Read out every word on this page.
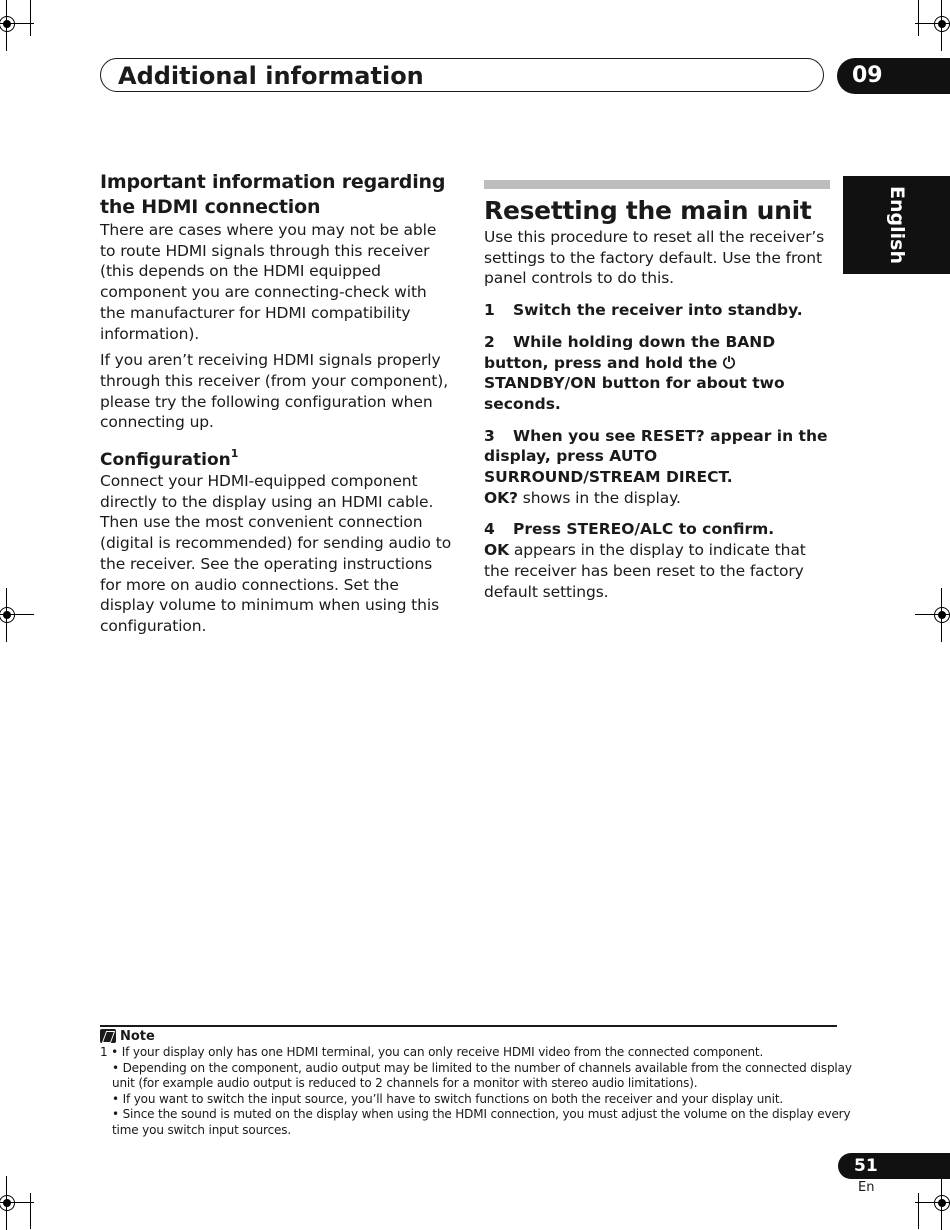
Additional information	09
English

Important information regarding
the HDMI connection

There are cases where you may not be able to route HDMI signals through this receiver (this depends on the HDMI equipped component you are connecting-check with the manufacturer for HDMI compatibility information).

If you aren’t receiving HDMI signals properly through this receiver (from your component), please try the following configuration when connecting up.

Configuration$^1$

Connect your HDMI-equipped component directly to the display using an HDMI cable. Then use the most convenient connection (digital is recommended) for sending audio to the receiver. See the operating instructions for more on audio connections. Set the display volume to minimum when using this configuration.

Resetting the main unit

Use this procedure to reset all the receiver’s settings to the factory default. Use the front panel controls to do this.

1 Switch the receiver into standby.

2 While holding down the BAND button, press and hold the ⏻ STANDBY/ON button for about two seconds.

3 When you see RESET? appear in the display, press AUTO SURROUND/STREAM DIRECT.

OK? shows in the display.

4 Press STEREO/ALC to confirm.

OK appears in the display to indicate that the receiver has been reset to the factory default settings.

Note

1 • If your display only has one HDMI terminal, you can only receive HDMI video from the connected component.

• Depending on the component, audio output may be limited to the number of channels available from the connected display

unit (for example audio output is reduced to 2 channels for a monitor with stereo audio limitations).

• If you want to switch the input source, you’ll have to switch functions on both the receiver and your display unit.

• Since the sound is muted on the display when using the HDMI connection, you must adjust the volume on the display every

time you switch input sources.

51
En
